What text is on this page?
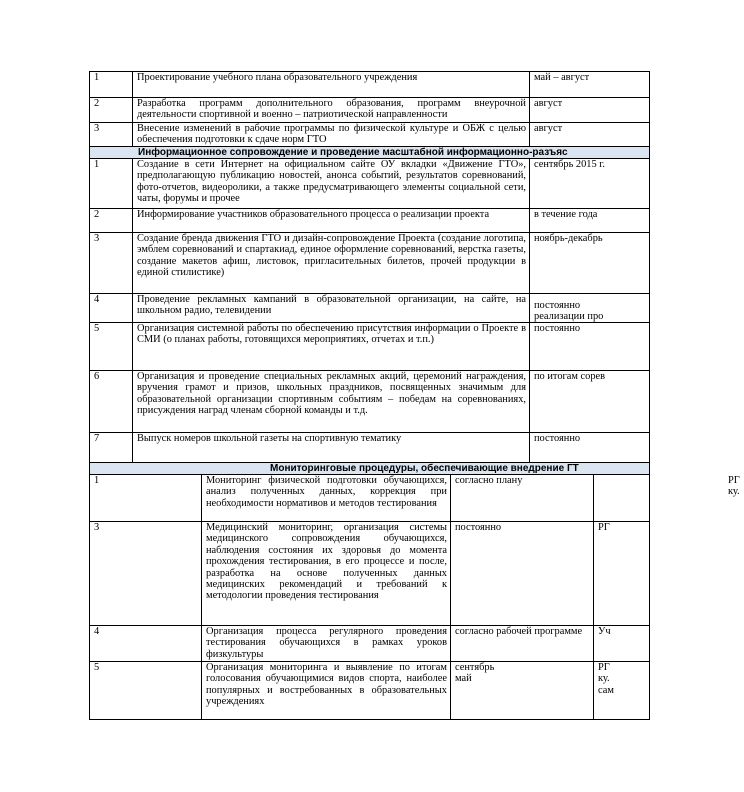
1	Проектирование учебного плана образовательного учреждения	май – август
2	Разработка программ дополнительного образования, программ внеурочной деятельности спортивной и военно – патриотической направленности	август
3	Внесение изменений в рабочие программы по физической культуре и ОБЖ с целью обеспечения подготовки к сдаче норм ГТО	август
Информационное сопровождение и проведение масштабной информационно-разъяс		
1	Создание в сети Интернет на официальном сайте ОУ вкладки «Движение ГТО», предполагающую публикацию новостей, анонса событий, результатов соревнований, фото-отчетов, видеоролики, а также предусматривающего элементы социальной сети, чаты, форумы и прочее	сентябрь 2015 г.
2	Информирование участников образовательного процесса о реализации проекта	в течение года
3	Создание бренда движения ГТО и дизайн-сопровождение Проекта (создание логотипа, эмблем соревнований и спартакиад, единое оформление соревнований, верстка газеты, создание макетов афиш, листовок, пригласительных билетов, прочей продукции в единой стилистике)	ноябрь-декабрь
4	Проведение рекламных кампаний в образовательной организации, на сайте, на школьном радио, телевидении	постоянно реализации про

5	Организация системной работы по обеспечению присутствия информации о Проекте в СМИ (о планах работы, готовящихся мероприятиях, отчетах и т.п.)	постоянно
6	Организация и проведение специальных рекламных акций, церемоний награждения, вручения грамот и призов, школьных праздников, посвященных значимым для образовательной организации спортивным событиям – победам на соревнованиях, присуждения наград членам сборной команды и т.д.	по итогам сорев
7	Выпуск номеров школьной газеты на спортивную тематику	постоянно
Мониторинговые процедуры, обеспечивающие внедрение ГТ			
1	Мониторинг физической подготовки обучающихся, анализ полученных данных, коррекция при необходимости нормативов и методов тестирования	согласно плану	РГ ку.

3	Медицинский мониторинг, организация системы медицинского сопровождения обучающихся, наблюдения состояния их здоровья до момента прохождения тестирования, в его процессе и после, разработка на основе полученных данных медицинских рекомендаций и требований к методологии проведения тестирования	постоянно	РГ
4	Организация процесса регулярного проведения тестирования обучающихся в рамках уроков физкультуры	согласно рабочей программе	Уч
5	Организация мониторинга и выявление по итогам голосования обучающимися видов спорта, наиболее популярных и востребованных в образовательных учреждениях	сентябрь май	РГ ку. сам
